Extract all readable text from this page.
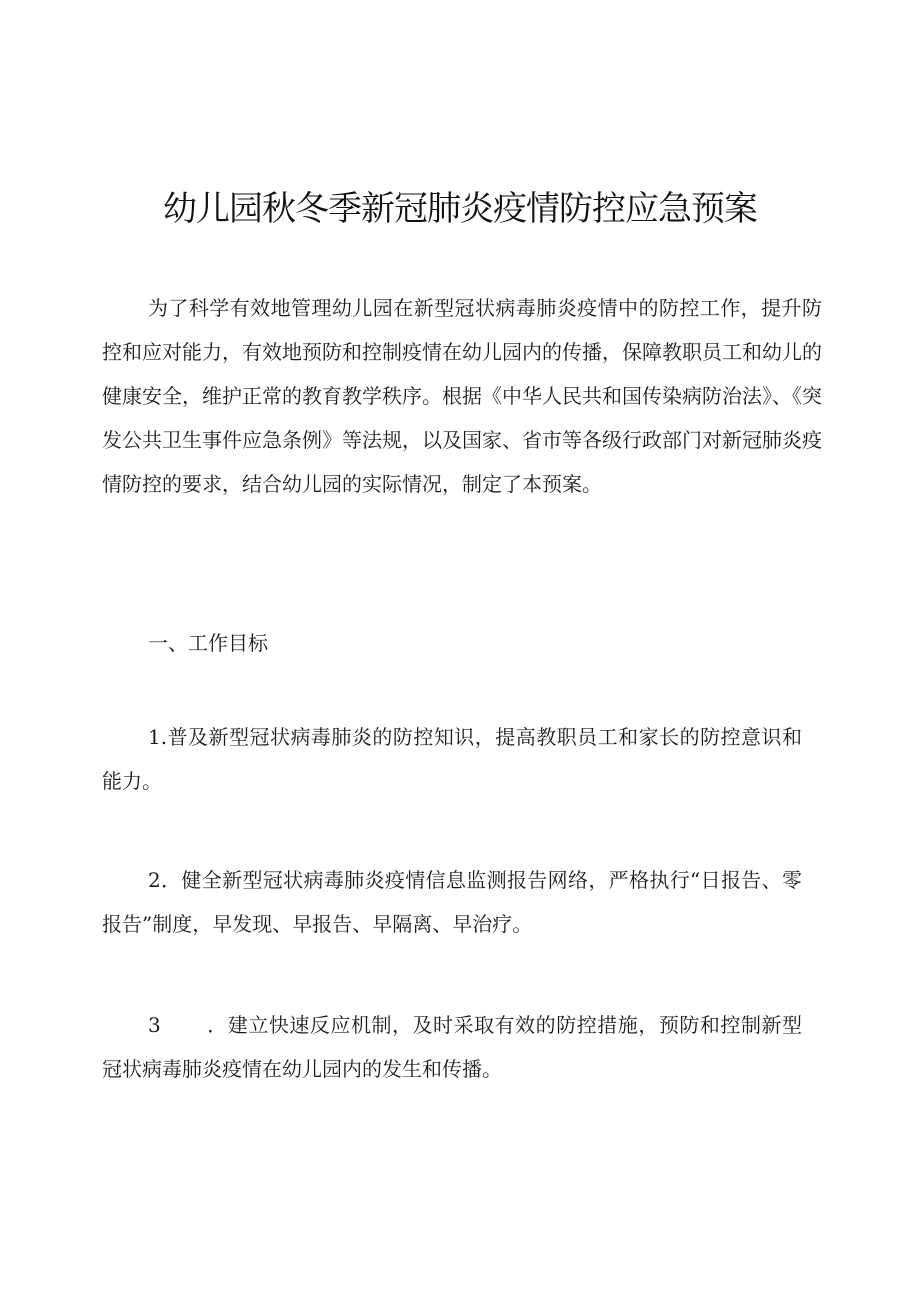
幼儿园秋冬季新冠肺炎疫情防控应急预案

为了科学有效地管理幼儿园在新型冠状病毒肺炎疫情中的防控工作，提升防控和应对能力，有效地预防和控制疫情在幼儿园内的传播，保障教职员工和幼儿的健康安全，维护正常的教育教学秩序。根据《中华人民共和国传染病防治法》、《突发公共卫生事件应急条例》等法规，以及国家、省市等各级行政部门对新冠肺炎疫情防控的要求，结合幼儿园的实际情况，制定了本预案。

一、工作目标

1.普及新型冠状病毒肺炎的防控知识，提高教职员工和家长的防控意识和能力。

2．健全新型冠状病毒肺炎疫情信息监测报告网络，严格执行“日报告、零报告”制度，早发现、早报告、早隔离、早治疗。

3 ．建立快速反应机制，及时采取有效的防控措施，预防和控制新型冠状病毒肺炎疫情在幼儿园内的发生和传播。
